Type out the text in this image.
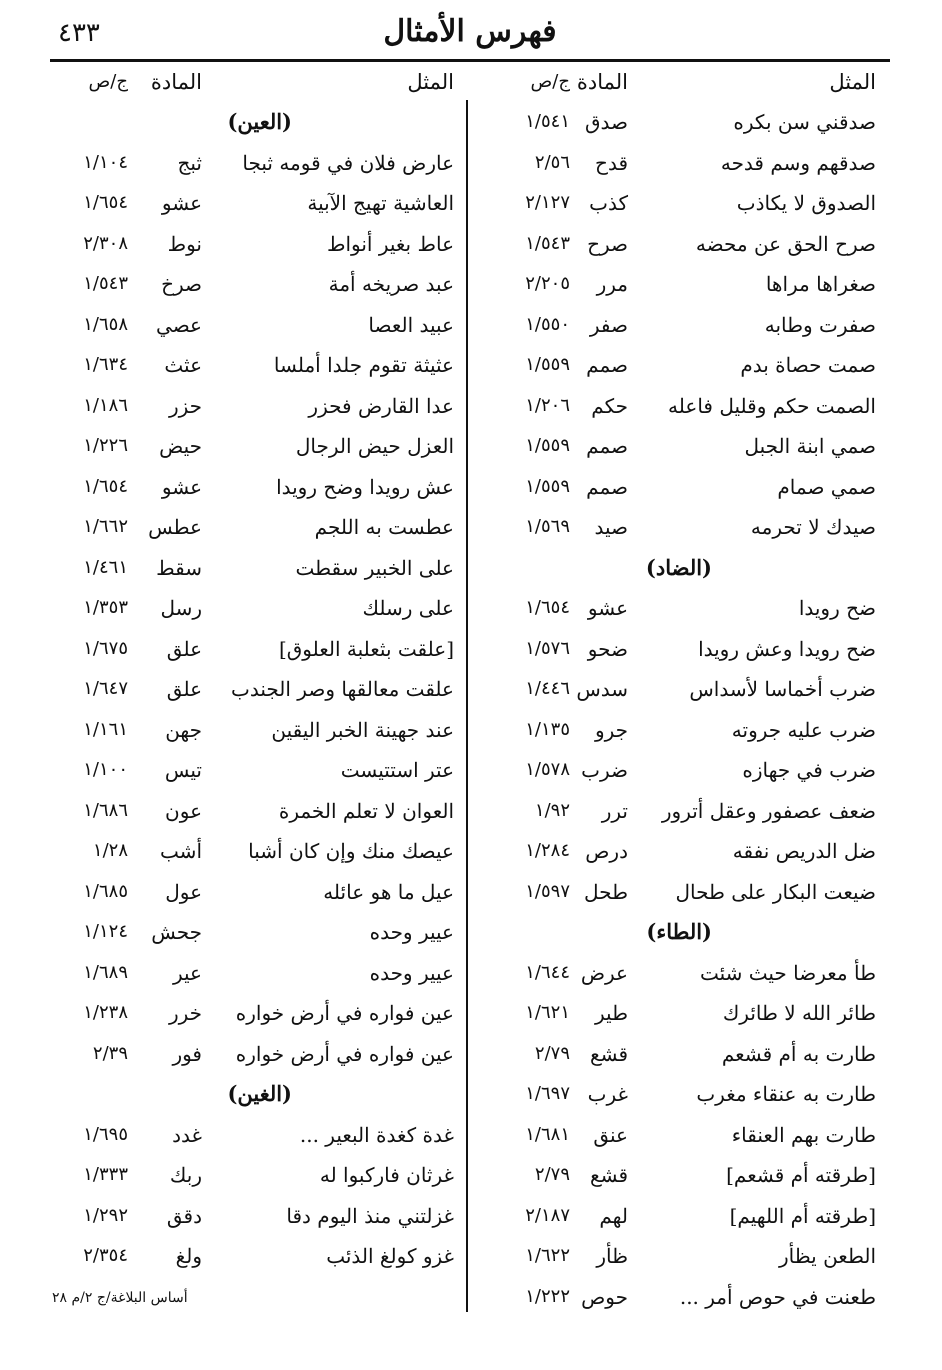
فهرس الأمثال
٤٣٣
المثل
المادة
ج/ص
صدقني سن بكره
صدق
١/٥٤١
صدقهم وسم قدحه
قدح
٢/٥٦
الصدوق لا يكاذب
كذب
٢/١٢٧
صرح الحق عن محضه
صرح
١/٥٤٣
صغراها مراها
مرر
٢/٢٠٥
صفرت وطابه
صفر
١/٥٥٠
صمت حصاة بدم
صمم
١/٥٥٩
الصمت حكم وقليل فاعله
حكم
١/٢٠٦
صمي ابنة الجبل
صمم
١/٥٥٩
صمي صمام
صمم
١/٥٥٩
صيدك لا تحرمه
صيد
١/٥٦٩
(الضاد)
ضح رويدا
عشو
١/٦٥٤
ضح رويدا وعش رويدا
ضحو
١/٥٧٦
ضرب أخماسا لأسداس
سدس
١/٤٤٦
ضرب عليه جروته
جرو
١/١٣٥
ضرب في جهازه
ضرب
١/٥٧٨
ضعف عصفور وعقل أترور
ترر
١/٩٢
ضل الدريص نفقه
درص
١/٢٨٤
ضيعت البكار على طحال
طحل
١/٥٩٧
(الطاء)
طأ معرضا حيث شئت
عرض
١/٦٤٤
طائر الله لا طائرك
طير
١/٦٢١
طارت به أم قشعم
قشع
٢/٧٩
طارت به عنقاء مغرب
غرب
١/٦٩٧
طارت بهم العنقاء
عنق
١/٦٨١
[طرقته أم قشعم]
قشع
٢/٧٩
[طرقته أم اللهيم]
لهم
٢/١٨٧
الطعن يظأر
ظأر
١/٦٢٢
طعنت في حوص أمر ...
حوص
١/٢٢٢
المثل
المادة
ج/ص
(العين)
عارض فلان في قومه ثبجا
ثبج
١/١٠٤
العاشية تهيج الآبية
عشو
١/٦٥٤
عاط بغير أنواط
نوط
٢/٣٠٨
عبد صريخه أمة
صرخ
١/٥٤٣
عبيد العصا
عصي
١/٦٥٨
عثيثة تقوم جلدا أملسا
عثث
١/٦٣٤
عدا القارض فحزر
حزر
١/١٨٦
العزل حيض الرجال
حيض
١/٢٢٦
عش رويدا وضح رويدا
عشو
١/٦٥٤
عطست به اللجم
عطس
١/٦٦٢
على الخبير سقطت
سقط
١/٤٦١
على رسلك
رسل
١/٣٥٣
[علقت بثعلبة العلوق]
علق
١/٦٧٥
علقت معالقها وصر الجندب
علق
١/٦٤٧
عند جهينة الخبر اليقين
جهن
١/١٦١
عتر استتيست
تيس
١/١٠٠
العوان لا تعلم الخمرة
عون
١/٦٨٦
عيصك منك وإن كان أشبا
أشب
١/٢٨
عيل ما هو عائله
عول
١/٦٨٥
عيير وحده
جحش
١/١٢٤
عيير وحده
عير
١/٦٨٩
عين فواره في أرض خواره
خرر
١/٢٣٨
عين فواره في أرض خواره
فور
٢/٣٩
(الغين)
غدة كغدة البعير ...
غدد
١/٦٩٥
غرثان فاركبوا له
ربك
١/٣٣٣
غزلتني منذ اليوم دقا
دقق
١/٢٩٢
غزو كولغ الذئب
ولغ
٢/٣٥٤
أساس البلاغة/ج ٢/م ٢٨
